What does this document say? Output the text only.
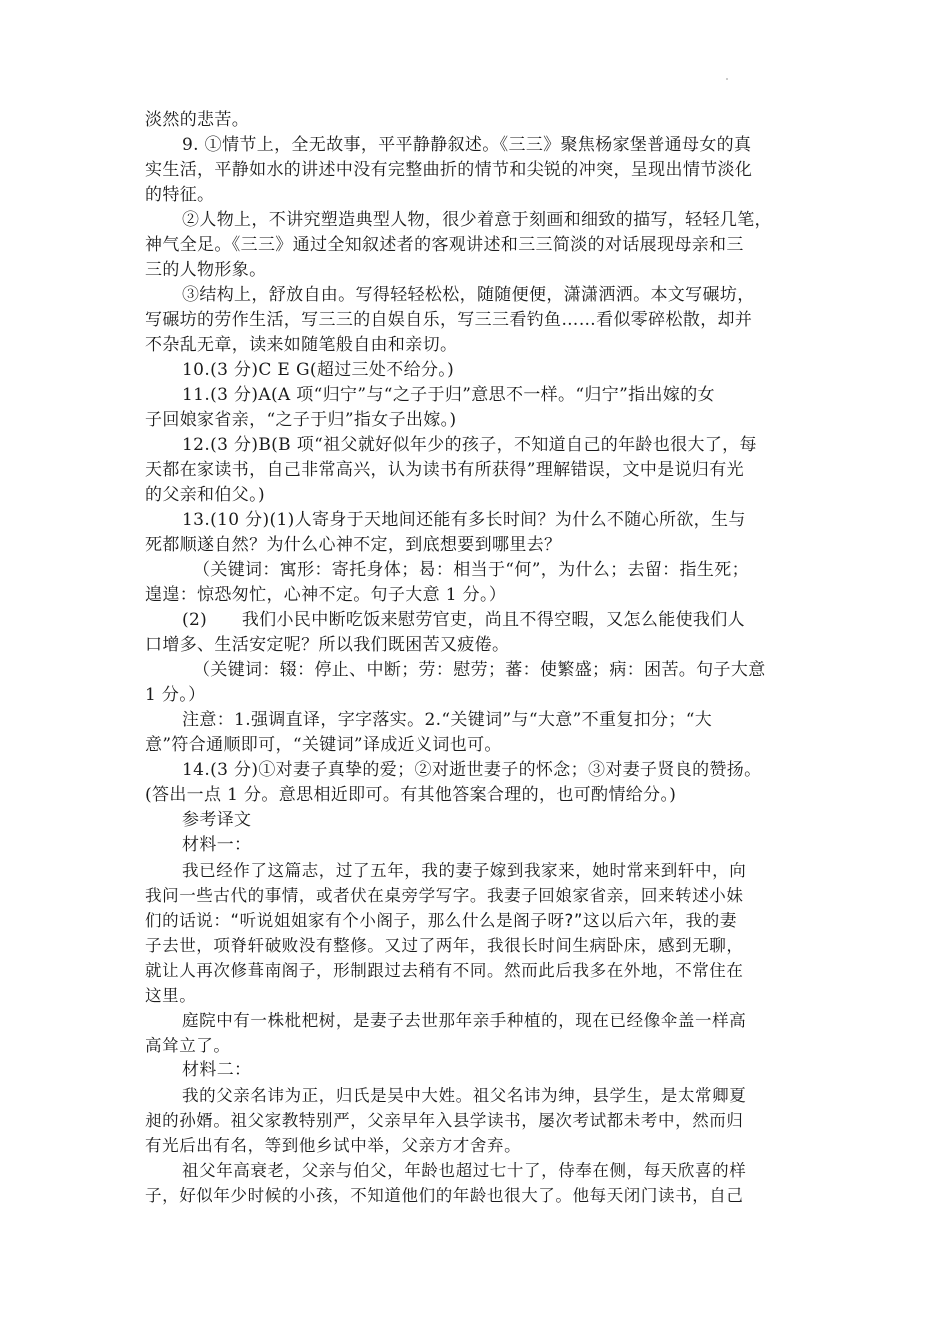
淡然的悲苦。
9. ①情节上，全无故事，平平静静叙述。《三三》聚焦杨家堡普通母女的真
实生活，平静如水的讲述中没有完整曲折的情节和尖锐的冲突，呈现出情节淡化
的特征。
②人物上，不讲究塑造典型人物，很少着意于刻画和细致的描写，轻轻几笔，
神气全足。《三三》通过全知叙述者的客观讲述和三三简淡的对话展现母亲和三
三的人物形象。
③结构上，舒放自由。写得轻轻松松，随随便便，潇潇洒洒。本文写碾坊，
写碾坊的劳作生活，写三三的自娱自乐，写三三看钓鱼……看似零碎松散，却并
不杂乱无章，读来如随笔般自由和亲切。
10.(3 分)C E G(超过三处不给分。)
11.(3 分)A(A 项“归宁”与“之子于归”意思不一样。“归宁”指出嫁的女
子回娘家省亲，“之子于归”指女子出嫁。)
12.(3 分)B(B 项“祖父就好似年少的孩子，不知道自己的年龄也很大了，每
天都在家读书，自己非常高兴，认为读书有所获得”理解错误，文中是说归有光
的父亲和伯父。)
13.(10 分)(1)人寄身于天地间还能有多长时间？为什么不随心所欲，生与
死都顺遂自然？为什么心神不定，到底想要到哪里去？
（关键词：寓形：寄托身体；曷：相当于“何”，为什么；去留：指生死；
遑遑：惊恐匆忙，心神不定。句子大意 1 分。）
(2)　　我们小民中断吃饭来慰劳官吏，尚且不得空暇，又怎么能使我们人
口增多、生活安定呢？所以我们既困苦又疲倦。
（关键词：辍：停止、中断；劳：慰劳；蕃：使繁盛；病：困苦。句子大意
1 分。）
注意：1.强调直译，字字落实。2.“关键词”与“大意”不重复扣分；“大
意”符合通顺即可，“关键词”译成近义词也可。
14.(3 分)①对妻子真挚的爱；②对逝世妻子的怀念；③对妻子贤良的赞扬。
(答出一点 1 分。意思相近即可。有其他答案合理的，也可酌情给分。)
参考译文
材料一：
我已经作了这篇志，过了五年，我的妻子嫁到我家来，她时常来到轩中，向
我问一些古代的事情，或者伏在桌旁学写字。我妻子回娘家省亲，回来转述小妹
们的话说：“听说姐姐家有个小阁子，那么什么是阁子呀?”这以后六年，我的妻
子去世，项脊轩破败没有整修。又过了两年，我很长时间生病卧床，感到无聊，
就让人再次修葺南阁子，形制跟过去稍有不同。然而此后我多在外地，不常住在
这里。
庭院中有一株枇杷树，是妻子去世那年亲手种植的，现在已经像伞盖一样高
高耸立了。
材料二：
我的父亲名讳为正，归氏是吴中大姓。祖父名讳为绅，县学生，是太常卿夏
昶的孙婿。祖父家教特别严，父亲早年入县学读书，屡次考试都未考中，然而归
有光后出有名，等到他乡试中举，父亲方才舍弃。
祖父年高衰老，父亲与伯父，年龄也超过七十了，侍奉在侧，每天欣喜的样
子，好似年少时候的小孩，不知道他们的年龄也很大了。他每天闭门读书，自己
